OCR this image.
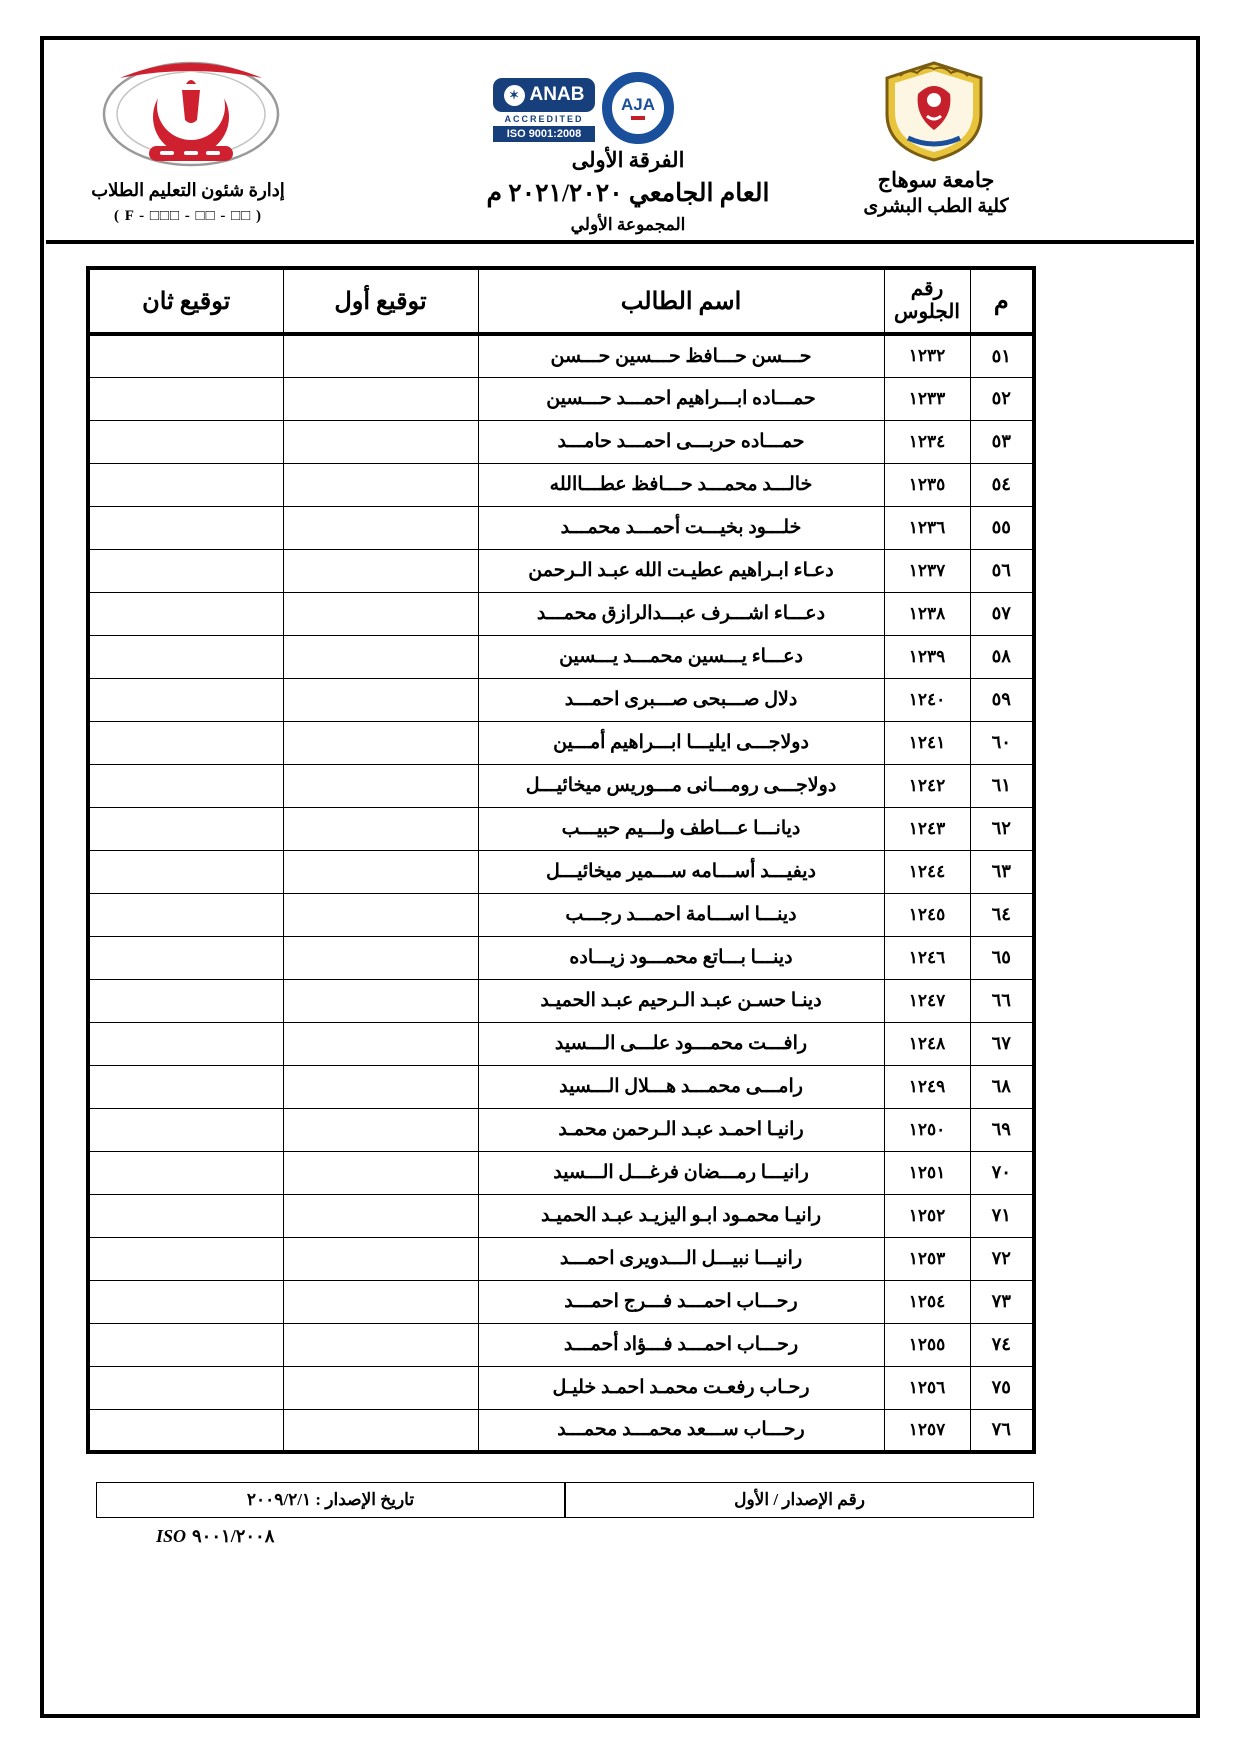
إدارة شئون التعليم الطلاب
( F - □□□ - □□ - □□ )
✶ ANAB
ACCREDITED
ISO 9001:2008
AJA
الفرقة الأولى
العام الجامعي ٢٠٢١/٢٠٢٠ م
المجموعة الأولي
جامعة سوهاج
كلية الطب البشرى
م	رقم الجلوس	اسم الطالب	توقيع أول	توقيع ثان
٥١	١٢٣٢	حـــسن حـــافظ حـــسين حـــسن		
٥٢	١٢٣٣	حمـــاده ابـــراهيم احمـــد حـــسين		
٥٣	١٢٣٤	حمـــاده حربـــى احمـــد حامـــد		
٥٤	١٢٣٥	خالـــد محمـــد حـــافظ عطـــاالله		
٥٥	١٢٣٦	خلـــود بخيـــت أحمـــد محمـــد		
٥٦	١٢٣٧	دعـاء ابـراهيم عطيـت الله عبـد الـرحمن		
٥٧	١٢٣٨	دعـــاء اشـــرف عبـــدالرازق محمـــد		
٥٨	١٢٣٩	دعـــاء يـــسين محمـــد يـــسين		
٥٩	١٢٤٠	دلال صـــبحى صـــبرى احمـــد		
٦٠	١٢٤١	دولاجـــى ايليـــا ابـــراهيم أمـــين		
٦١	١٢٤٢	دولاجـــى رومـــانى مـــوريس ميخائيـــل		
٦٢	١٢٤٣	ديانـــا عـــاطف ولـــيم حبيـــب		
٦٣	١٢٤٤	ديفيـــد أســـامه ســـمير ميخائيـــل		
٦٤	١٢٤٥	دينـــا اســـامة احمـــد رجـــب		
٦٥	١٢٤٦	دينـــا بـــاتع محمـــود زيـــاده		
٦٦	١٢٤٧	دينـا حسـن عبـد الـرحيم عبـد الحميـد		
٦٧	١٢٤٨	رافـــت محمـــود علـــى الـــسيد		
٦٨	١٢٤٩	رامـــى محمـــد هـــلال الـــسيد		
٦٩	١٢٥٠	رانيـا احمـد عبـد الـرحمن محمـد		
٧٠	١٢٥١	رانيـــا رمـــضان فرغـــل الـــسيد		
٧١	١٢٥٢	رانيـا محمـود ابـو اليزيـد عبـد الحميـد		
٧٢	١٢٥٣	رانيـــا نبيـــل الـــدويرى احمـــد		
٧٣	١٢٥٤	رحـــاب احمـــد فـــرج احمـــد		
٧٤	١٢٥٥	رحـــاب احمـــد فـــؤاد أحمـــد		
٧٥	١٢٥٦	رحـاب رفعـت محمـد احمـد خليـل		
٧٦	١٢٥٧	رحـــاب ســـعد محمـــد محمـــد		
رقم الإصدار / الأول
تاريخ الإصدار : ٢٠٠٩/٢/١
ISO ٩٠٠١/٢٠٠٨
